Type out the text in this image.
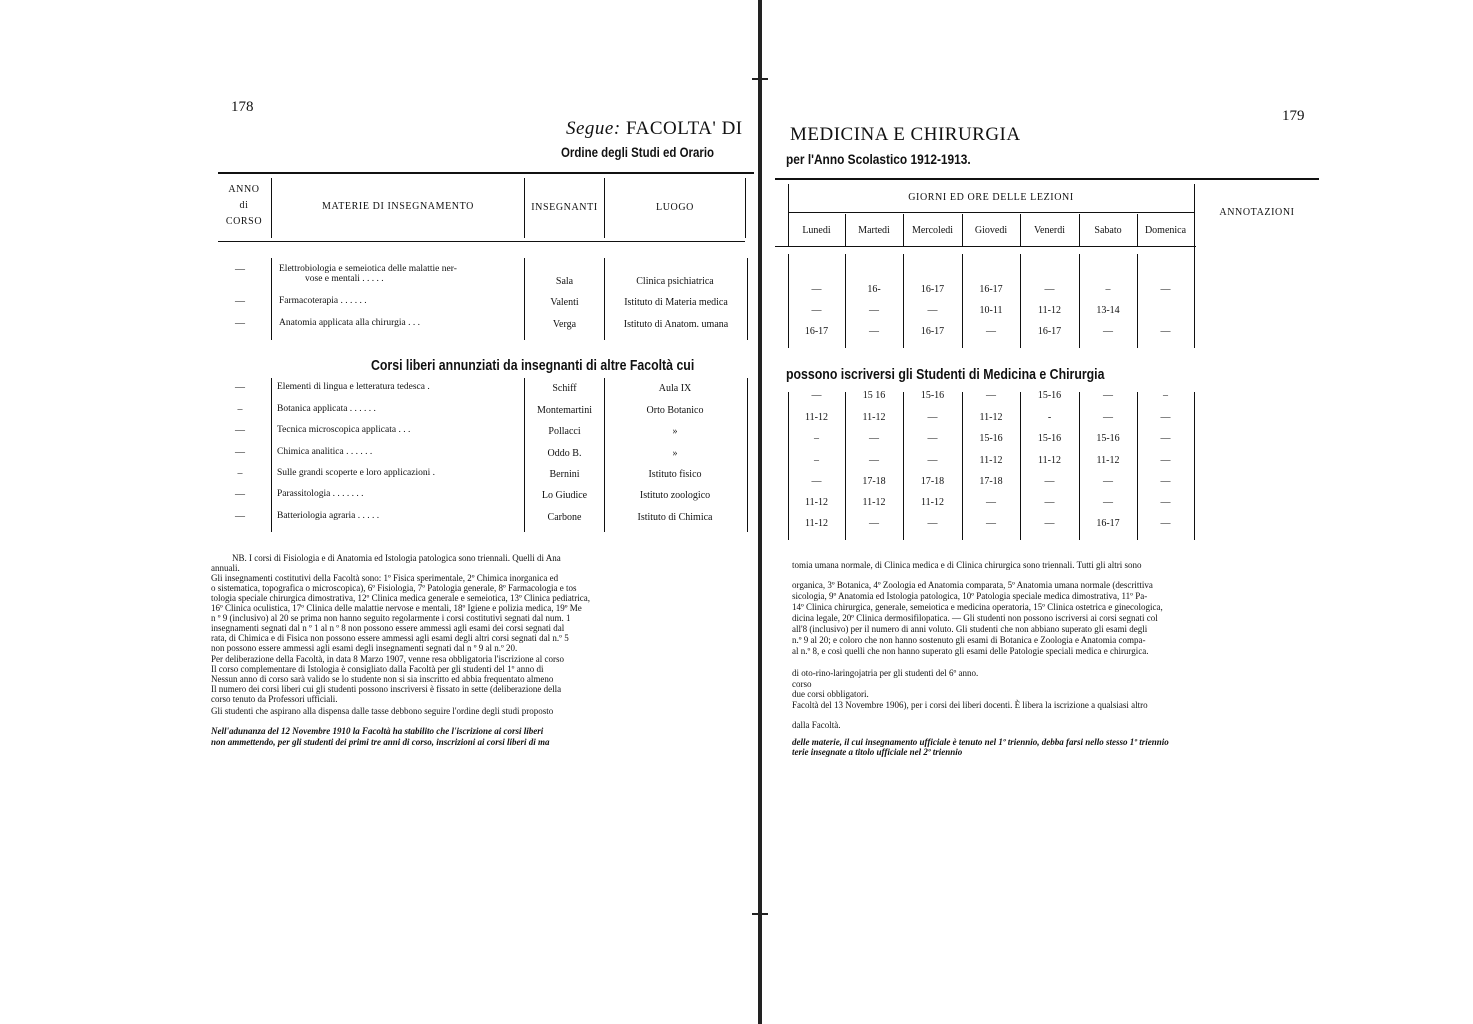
178
Segue: FACOLTA' DI
Ordine degli Studi ed Orario
ANNO
di
CORSO
MATERIE DI INSEGNAMENTO	INSEGNANTI	LUOGO
—	Elettrobiologia e semeiotica delle malattie ner-
vose e mentali . . . . .	Sala	Clinica psichiatrica
—	Farmacoterapia . . . . . .	Valenti	Istituto di Materia medica
—	Anatomia applicata alla chirurgia . . .	Verga	Istituto di Anatom. umana
Corsi liberi annunziati da insegnanti di altre Facoltà cui
—	Elementi di lingua e letteratura tedesca .	Schiff	Aula IX
–	Botanica applicata . . . . . .	Montemartini	Orto Botanico
—	Tecnica microscopica applicata . . .	Pollacci	»
—	Chimica analitica . . . . . .	Oddo B.	»
–	Sulle grandi scoperte e loro applicazioni .	Bernini	Istituto fisico
—	Parassitologia . . . . . . .	Lo Giudice	Istituto zoologico
—	Batteriologia agraria . . . . .	Carbone	Istituto di Chimica
NB. I corsi di Fisiologia e di Anatomia ed Istologia patologica sono triennali. Quelli di Ana
annuali.
Gli insegnamenti costitutivi della Facoltà sono: 1º Fisica sperimentale, 2º Chimica inorganica ed
o sistematica, topografica o microscopica), 6º Fisiologia, 7º Patologia generale, 8º Farmacologia e tos
tologia speciale chirurgica dimostrativa, 12º Clinica medica generale e semeiotica, 13º Clinica pediatrica,
16º Clinica oculistica, 17º Clinica delle malattie nervose e mentali, 18º Igiene e polizia medica, 19º Me
n º 9 (inclusivo) al 20 se prima non hanno seguito regolarmente i corsi costitutivi segnati dal num. 1
insegnamenti segnati dal n º 1 al n º 8 non possono essere ammessi agli esami dei corsi segnati dal
rata, di Chimica e di Fisica non possono essere ammessi agli esami degli altri corsi segnati dal n.º 5
non possono essere ammessi agli esami degli insegnamenti segnati dal n º 9 al n.º 20.
Per deliberazione della Facoltà, in data 8 Marzo 1907, venne resa obbligatoria l'iscrizione al corso
Il corso complementare di Istologia è consigliato dalla Facoltà per gli studenti del 1º anno di
Nessun anno di corso sarà valido se lo studente non si sia inscritto ed abbia frequentato almeno
Il numero dei corsi liberi cui gli studenti possono inscriversi è fissato in sette (deliberazione della
corso tenuto da Professori ufficiali.
Gli studenti che aspirano alla dispensa dalle tasse debbono seguire l'ordine degli studi proposto
Nell'adunanza del 12 Novembre 1910 la Facoltà ha stabilito che l'iscrizione ai corsi liberi
non ammettendo, per gli studenti dei primi tre anni di corso, inscrizioni ai corsi liberi di ma
179
MEDICINA E CHIRURGIA
per l'Anno Scolastico 1912-1913.
GIORNI ED ORE DELLE LEZIONI
ANNOTAZIONI
Lunedi	Martedi	Mercoledi	Giovedi	Venerdi	Sabato	Domenica
—	16-	16-17	16-17	—	–	—
—	—	—	10-11	11-12	13-14
16-17	—	16-17	—	16-17	—	—
possono iscriversi gli Studenti di Medicina e Chirurgia
—	15 16	15-16	—	15-16	—	–
11-12	11-12	—	11-12	-	—	—
–	—	—	15-16	15-16	15-16	—
–	—	—	11-12	11-12	11-12	—
—	17-18	17-18	17-18	—	—	—
11-12	11-12	11-12	—	—	—	—
11-12	—	—	—	—	16-17	—
tomia umana normale, di Clinica medica e di Clinica chirurgica sono triennali. Tutti gli altri sono
organica, 3º Botanica, 4º Zoologia ed Anatomia comparata, 5º Anatomia umana normale (descrittiva
sicologia, 9º Anatomia ed Istologia patologica, 10º Patologia speciale medica dimostrativa, 11º Pa-
14º Clinica chirurgica, generale, semeiotica e medicina operatoria, 15º Clinica ostetrica e ginecologica,
dicina legale, 20º Clinica dermosifilopatica. — Gli studenti non possono iscriversi ai corsi segnati col
all'8 (inclusivo) per il numero di anni voluto. Gli studenti che non abbiano superato gli esami degli
n.º 9 al 20; e coloro che non hanno sostenuto gli esami di Botanica e Zoologia e Anatomia compa-
al n.º 8, e così quelli che non hanno superato gli esami delle Patologie speciali medica e chirurgica.
di oto-rino-laringojatria per gli studenti del 6º anno.
corso
due corsi obbligatori.
Facoltà del 13 Novembre 1906), per i corsi dei liberi docenti. È libera la iscrizione a qualsiasi altro
dalla Facoltà.
delle materie, il cui insegnamento ufficiale è tenuto nel 1º triennio, debba farsi nello stesso 1º triennio
terie insegnate a titolo ufficiale nel 2º triennio
